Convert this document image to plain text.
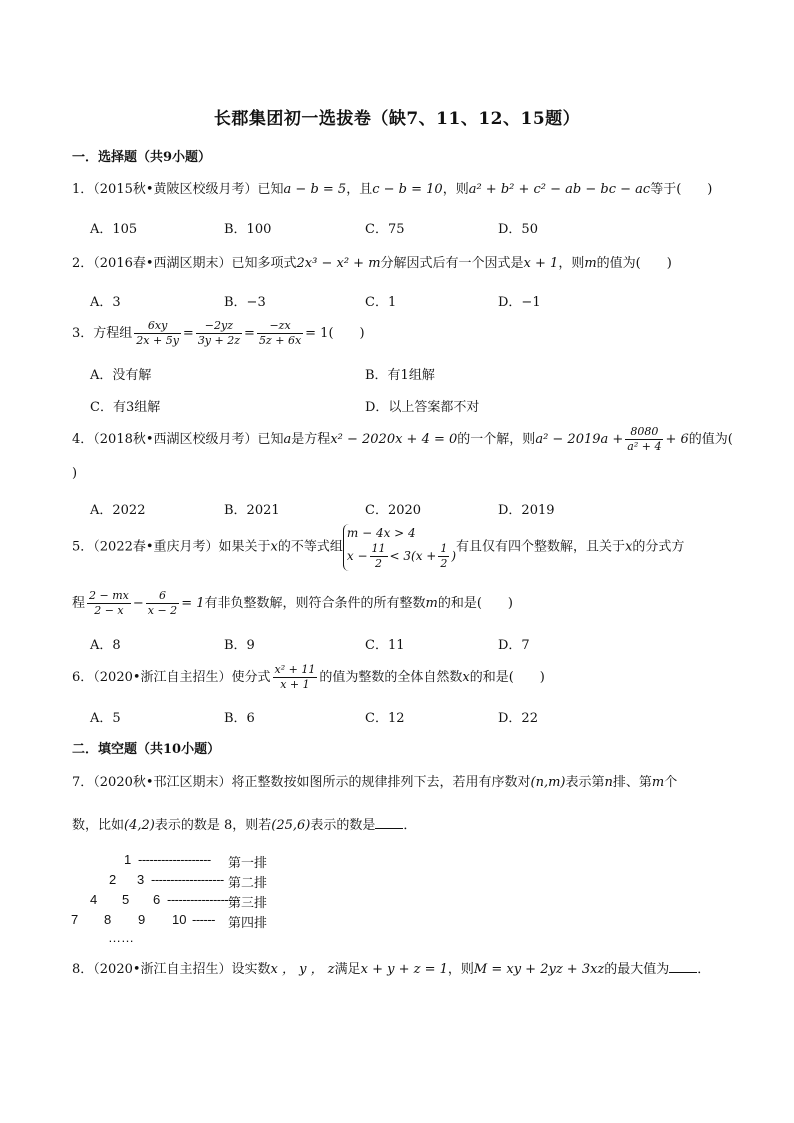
长郡集团初一选拔卷（缺7、11、12、15题）
一．选择题（共9小题）
1．（2015秋•黄陂区校级月考）已知a − b = 5，且c − b = 10，则a² + b² + c² − ab − bc − ac等于(　　)
A．105	B．100	C．75	D．50
2．（2016春•西湖区期末）已知多项式2x³ − x² + m分解因式后有一个因式是x + 1，则m的值为(　　)
A．3	B．−3	C．1	D．−1
3．方程组 $\frac{6xy}{2x + 5y} = \frac{-2yz}{3y + 2z} = \frac{-zx}{5z + 6x} = 1$(　　)
A．没有解	B．有1组解
C．有3组解	D．以上答案都不对
4．（2018秋•西湖区校级月考）已知a是方程x² − 2020x + 4 = 0的一个解，则$a^2 - 2019a + \frac{8080}{\text{a² + 4}} + 6$的值为(
)
A．2022	B．2021	C．2020	D．2019
5．（2022春•重庆月考）如果关于x的不等式组
m − 4x > 4
$x - \frac{11}{2} < 3(x + \frac{1}{2}$ )
有且仅有四个整数解，且关于x的分式方
程 $\frac{2 - mx}{2 - x} - \frac{6}{x - 2} = 1$有非负整数解，则符合条件的所有整数m的和是(　　)
A．8	B．9	C．11	D．7
6．（2020•浙江自主招生）使分式 $\frac{\text{x² + 11}}{x + 1}$ 的值为整数的全体自然数x的和是(　　)
A．5	B．6	C．12	D．22
二．填空题（共10小题）
7．（2020秋•邗江区期末）将正整数按如图所示的规律排列下去，若用有序数对(n,m)表示第n排、第m个
数，比如(4,2)表示的数是 8，则若(25,6)表示的数是 ．
1 ------------------- 第一排
2 3 ------------------- 第二排
4 5 6 -------------------
第三排
7 8 9 10 ------ 第四排
……
8．（2020•浙江自主招生）设实数x ， y ， z满足x + y + z = 1，则M = xy + 2yz + 3xz的最大值为 ．
